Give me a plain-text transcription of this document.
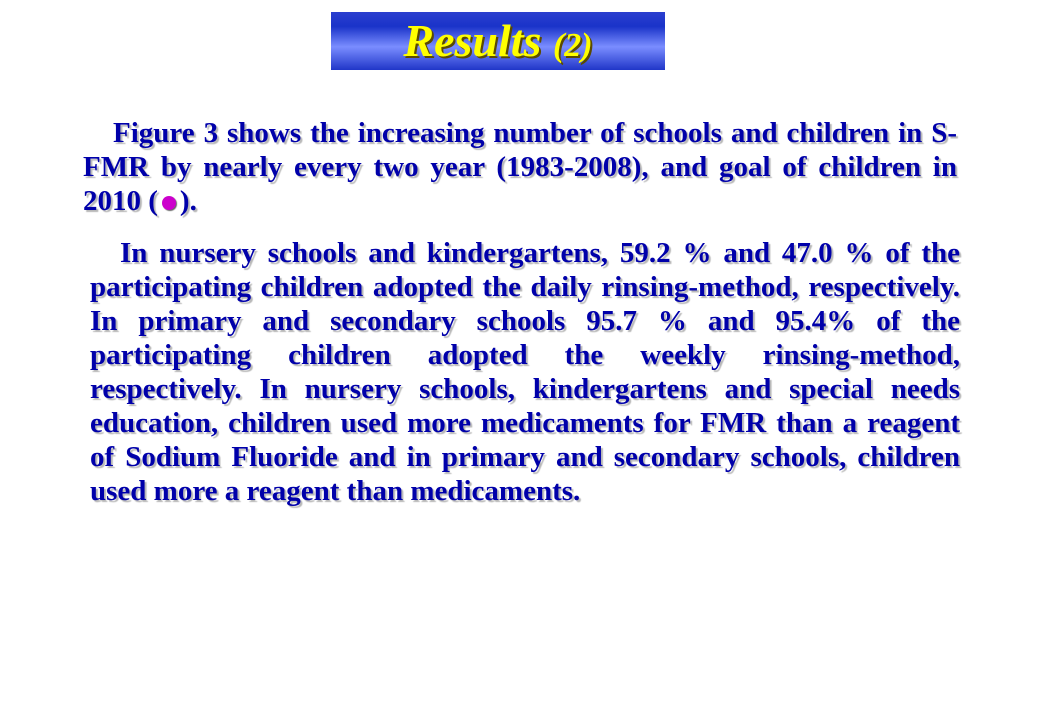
Results (2)
Figure 3 shows the increasing number of schools and children in S-FMR by nearly every two year (1983-2008), and goal of children in 2010 ( ).
In nursery schools and kindergartens, 59.2 % and 47.0 % of the participating children adopted the daily rinsing-method, respectively. In primary and secondary schools 95.7 % and 95.4% of the participating children adopted the weekly rinsing-method, respectively. In nursery schools, kindergartens and special needs education, children used more medicaments for FMR than a reagent of Sodium Fluoride and in primary and secondary schools, children used more a reagent than medicaments.
